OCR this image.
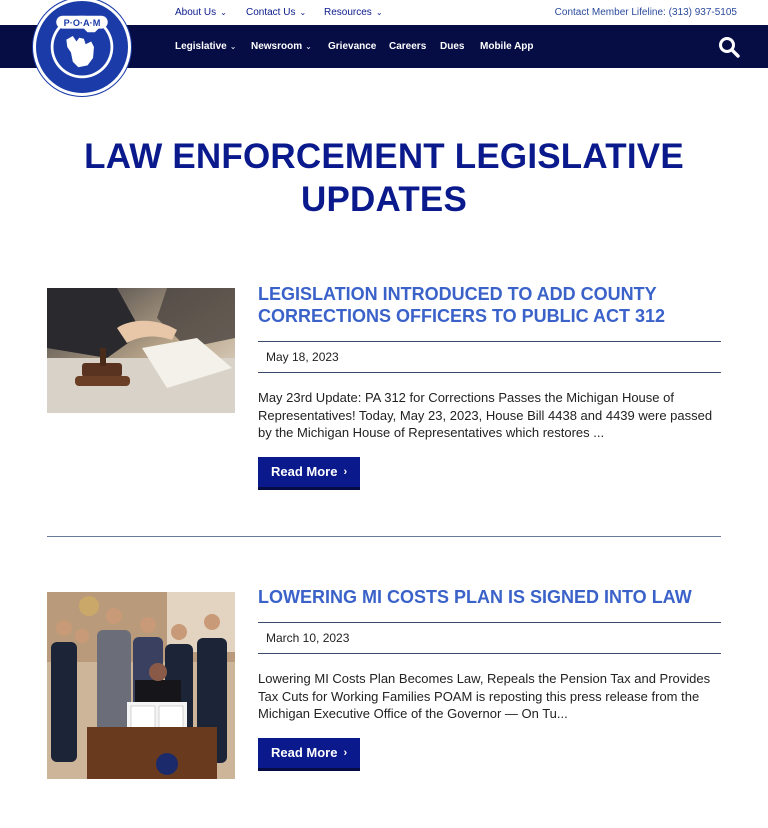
About Us ⌄ Contact Us ⌄ Resources ⌄	Contact Member Lifeline: (313) 937-5105
Legislative ⌄ Newsroom ⌄ Grievance Careers Dues Mobile App
P·O·A·M
LAW ENFORCEMENT LEGISLATIVE UPDATES
LEGISLATION INTRODUCED TO ADD COUNTY CORRECTIONS OFFICERS TO PUBLIC ACT 312
May 18, 2023

May 23rd Update: PA 312 for Corrections Passes the Michigan House of Representatives! Today, May 23, 2023, House Bill 4438 and 4439 were passed by the Michigan House of Representatives which restores ...

Read More ›
LOWERING MI COSTS PLAN IS SIGNED INTO LAW
March 10, 2023

Lowering MI Costs Plan Becomes Law, Repeals the Pension Tax and Provides Tax Cuts for Working Families POAM is reposting this press release from the Michigan Executive Office of the Governor — On Tu...

Read More ›
